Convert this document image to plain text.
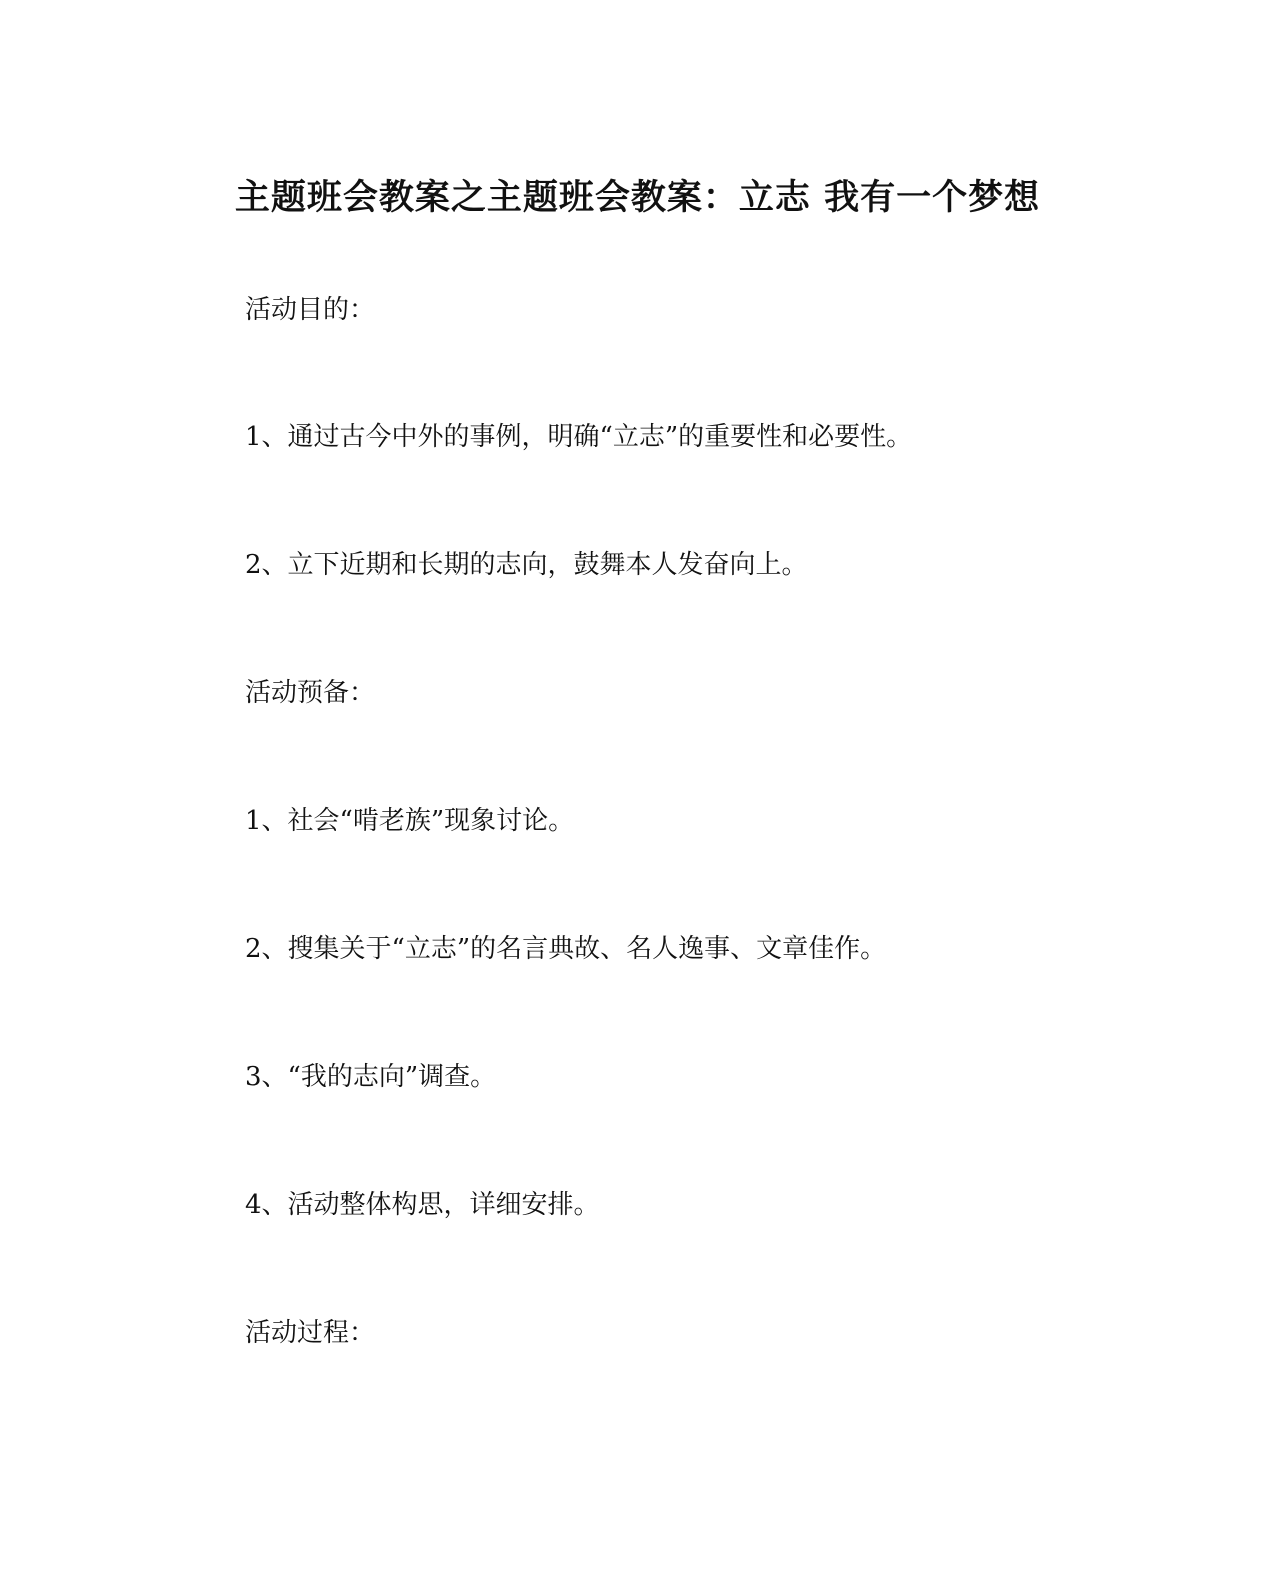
主题班会教案之主题班会教案：立志 我有一个梦想
活动目的：
1、通过古今中外的事例，明确“立志”的重要性和必要性。
2、立下近期和长期的志向，鼓舞本人发奋向上。
活动预备：
1、社会“啃老族”现象讨论。
2、搜集关于“立志”的名言典故、名人逸事、文章佳作。
3、“我的志向”调查。
4、活动整体构思，详细安排。
活动过程：
